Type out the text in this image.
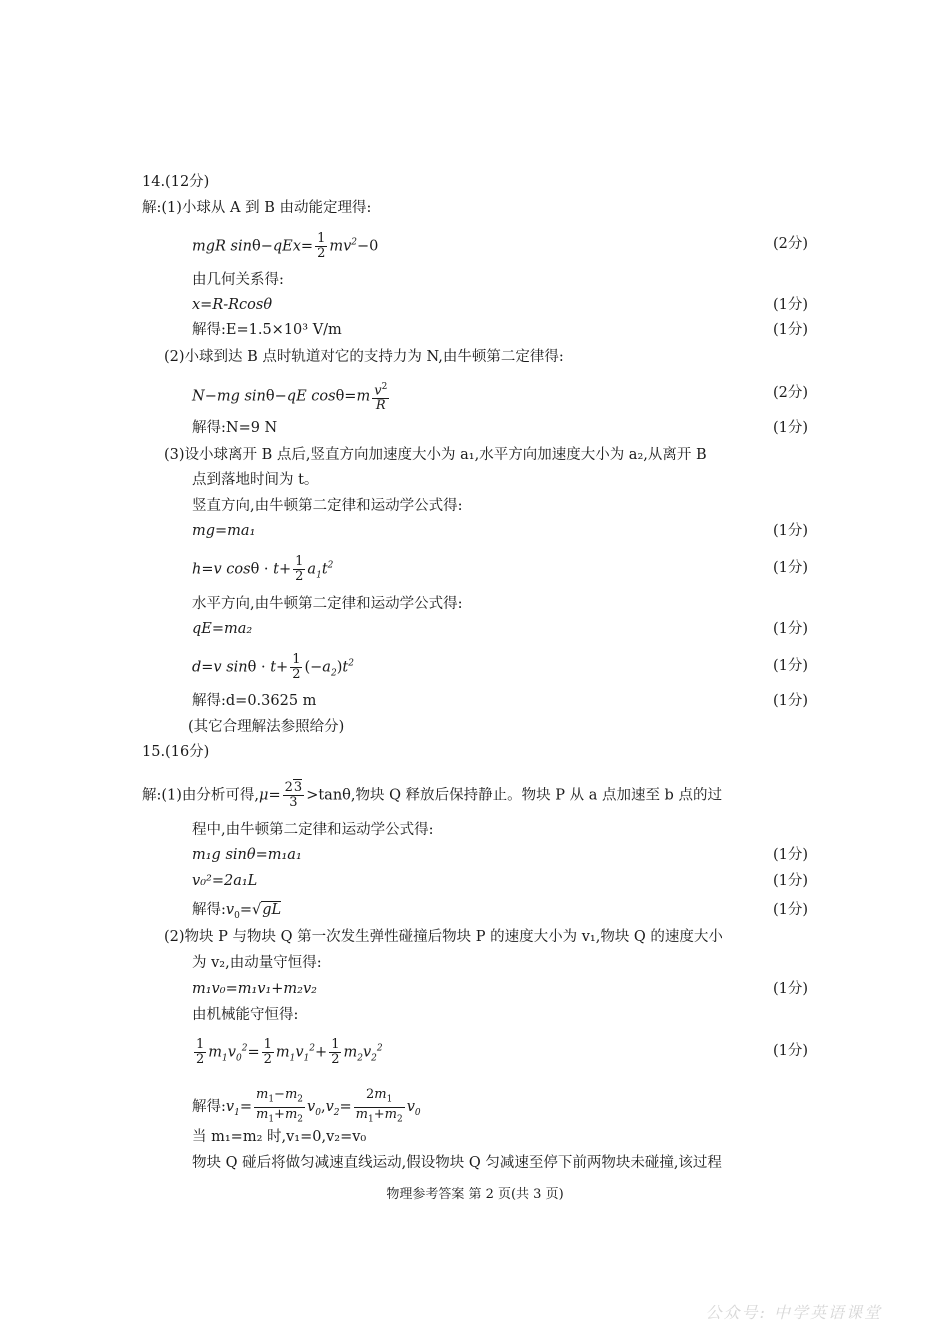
14.(12分)
解:(1)小球从 A 到 B 由动能定理得:
mgR $\sin\theta-qEx= \frac{1}{2} mv^2-0$	(2分)
由几何关系得:
x=R-Rcosθ	(1分)
解得:E=1.5×10³ V/m	(1分)
(2)小球到达 B 点时轨道对它的支持力为 N,由牛顿第二定律得:
N−mg sinθ−qE $\cos\theta=m \frac{v^2}{R}$	(2分)
解得:N=9 N	(1分)
(3)设小球离开 B 点后,竖直方向加速度大小为 a₁,水平方向加速度大小为 a₂,从离开 B
点到落地时间为 t。
竖直方向,由牛顿第二定律和运动学公式得:
mg=ma₁	(1分)
h=v $\cos\theta \cdot t+ \frac{1}{2} a_1t^2$	(1分)
水平方向,由牛顿第二定律和运动学公式得:
qE=ma₂	(1分)
d=v $\sin\theta \cdot t+ \frac{1}{2} (-a_2)t^2$	(1分)
解得:d=0.3625 m	(1分)
(其它合理解法参照给分)
15.(16分)
解:(1)由分析可得$,\mu= \frac{23}{3} >\tan\theta$,物块 Q 释放后保持静止。物块 P 从 a 点加速至 b 点的过
程中,由牛顿第二定律和运动学公式得:
m₁g sinθ=m₁a₁	(1分)
v₀²=2a₁L	(1分)
解得$:v_0=√gL$	(1分)
(2)物块 P 与物块 Q 第一次发生弹性碰撞后物块 P 的速度大小为 v₁,物块 Q 的速度大小
为 v₂,由动量守恒得:
m₁v₀=m₁v₁+m₂v₂	(1分)
由机械能守恒得:
$\frac{1}{2} m_1v_0^2= \frac{1}{2} m_1v_1^2+ \frac{1}{2} m_2v_2^2$	(1分)
解得$:v_1= \frac{m_1-m_2}{m_1+m_2} v_0,v_2= \frac{2m_1}{m_1+m_2} v_0$
当 m₁=m₂ 时,v₁=0,v₂=v₀
物块 Q 碰后将做匀减速直线运动,假设物块 Q 匀减速至停下前两物块未碰撞,该过程
物理参考答案 第 2 页(共 3 页)
公众号: 中学英语课堂
